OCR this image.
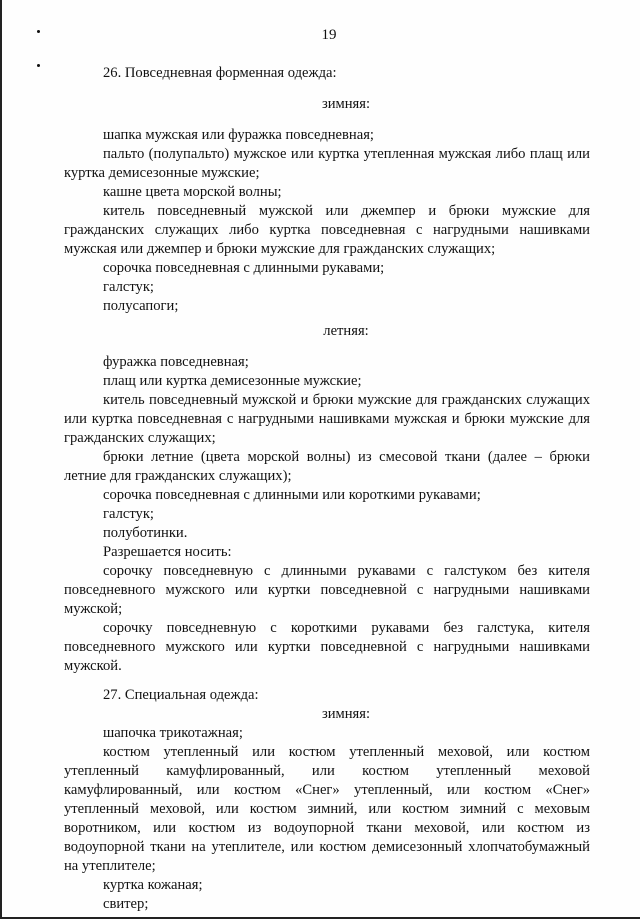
19

26. Повседневная форменная одежда:

зимняя:

шапка мужская или фуражка повседневная;

пальто (полупальто) мужское или куртка утепленная мужская либо плащ или куртка демисезонные мужские;

кашне цвета морской волны;

китель повседневный мужской или джемпер и брюки мужские для гражданских служащих либо куртка повседневная с нагрудными нашивками мужская или джемпер и брюки мужские для гражданских служащих;

сорочка повседневная с длинными рукавами;

галстук;

полусапоги;

летняя:

фуражка повседневная;

плащ или куртка демисезонные мужские;

китель повседневный мужской и брюки мужские для гражданских служащих или куртка повседневная с нагрудными нашивками мужская и брюки мужские для гражданских служащих;

брюки летние (цвета морской волны) из смесовой ткани (далее – брюки летние для гражданских служащих);

сорочка повседневная с длинными или короткими рукавами;

галстук;

полуботинки.

Разрешается носить:

сорочку повседневную с длинными рукавами с галстуком без кителя повседневного мужского или куртки повседневной с нагрудными нашивками мужской;

сорочку повседневную с короткими рукавами без галстука, кителя повседневного мужского или куртки повседневной с нагрудными нашивками мужской.

27. Специальная одежда:

зимняя:

шапочка трикотажная;

костюм утепленный или костюм утепленный меховой, или костюм утепленный камуфлированный, или костюм утепленный меховой камуфлированный, или костюм «Снег» утепленный, или костюм «Снег» утепленный меховой, или костюм зимний, или костюм зимний с меховым воротником, или костюм из водоупорной ткани меховой, или костюм из водоупорной ткани на утеплителе, или костюм демисезонный хлопчатобумажный на утеплителе;

куртка кожаная;

свитер;
